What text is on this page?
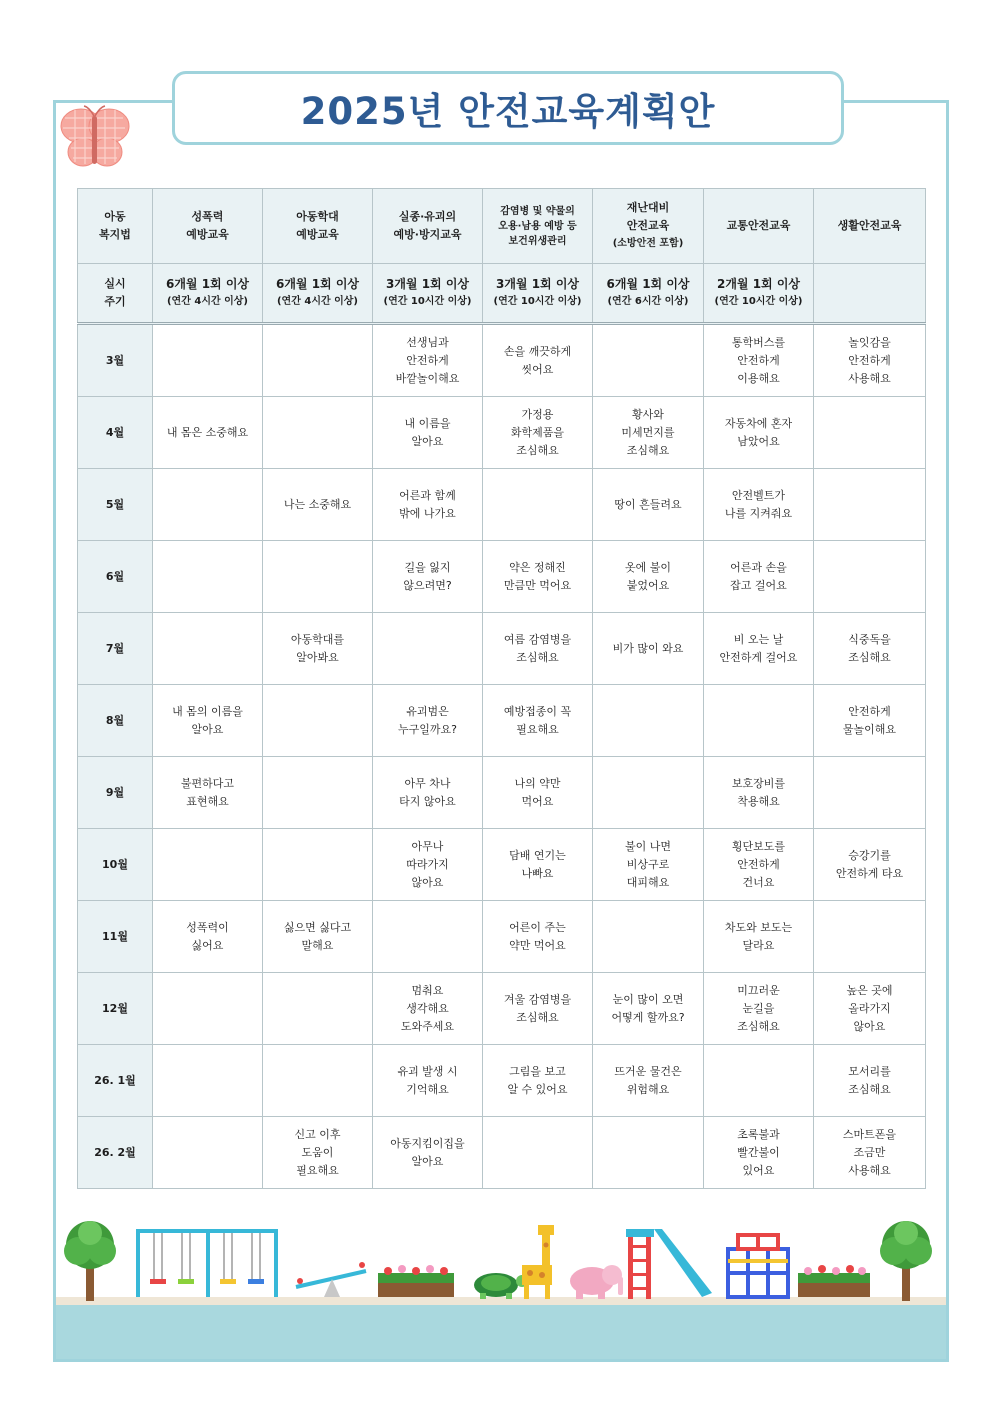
2025년 안전교육계획안
아동
복지법	성폭력
예방교육	아동학대
예방교육	실종·유괴의
예방·방지교육	감염병 및 약물의
오용·남용 예방 등
보건위생관리	재난대비
안전교육
(소방안전 포함)	교통안전교육	생활안전교육

실시
주기	6개월 1회 이상
(연간 4시간 이상)	6개월 1회 이상
(연간 4시간 이상)	3개월 1회 이상
(연간 10시간 이상)	3개월 1회 이상
(연간 10시간 이상)	6개월 1회 이상
(연간 6시간 이상)	2개월 1회 이상
(연간 10시간 이상)	

3월			선생님과
안전하게
바깥놀이해요	손을 깨끗하게
씻어요		통학버스를
안전하게
이용해요	놀잇감을
안전하게
사용해요

4월	내 몸은 소중해요		내 이름을
알아요	가정용
화학제품을
조심해요	황사와
미세먼지를
조심해요	자동차에 혼자
남았어요	

5월		나는 소중해요	어른과 함께
밖에 나가요		땅이 흔들려요	안전벨트가
나를 지켜줘요	

6월			길을 잃지
않으려면?	약은 정해진
만큼만 먹어요	옷에 불이
붙었어요	어른과 손을
잡고 걸어요	

7월		아동학대를
알아봐요		여름 감염병을
조심해요	비가 많이 와요	비 오는 날
안전하게 걸어요	식중독을
조심해요

8월	내 몸의 이름을
알아요		유괴범은
누구일까요?	예방접종이 꼭
필요해요			안전하게
물놀이해요

9월	불편하다고
표현해요		아무 차나
타지 않아요	나의 약만
먹어요		보호장비를
착용해요	

10월			아무나
따라가지
않아요	담배 연기는
나빠요	불이 나면
비상구로
대피해요	횡단보도를
안전하게
건너요	승강기를
안전하게 타요

11월	성폭력이
싫어요	싫으면 싫다고
말해요		어른이 주는
약만 먹어요		차도와 보도는
달라요	

12월			멈춰요
생각해요
도와주세요	겨울 감염병을
조심해요	눈이 많이 오면
어떻게 할까요?	미끄러운
눈길을
조심해요	높은 곳에
올라가지
않아요

26. 1월			유괴 발생 시
기억해요	그림을 보고
알 수 있어요	뜨거운 물건은
위험해요		모서리를
조심해요

26. 2월		신고 이후
도움이
필요해요	아동지킴이집을
알아요			초록불과
빨간불이
있어요	스마트폰을
조금만
사용해요
